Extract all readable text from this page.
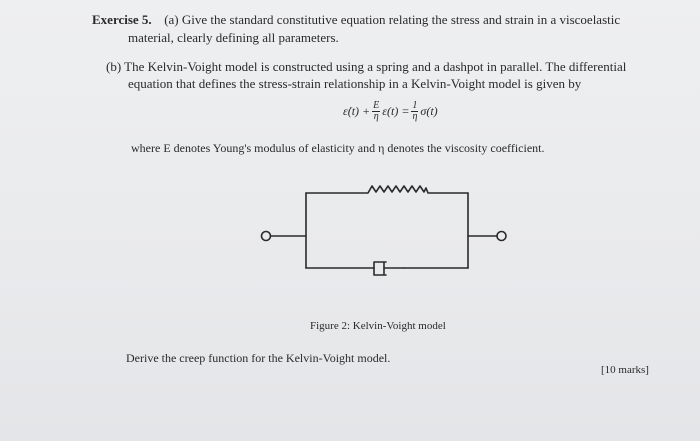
Exercise 5. (a) Give the standard constitutive equation relating the stress and strain in a viscoelastic
material, clearly defining all parameters.
(b) The Kelvin-Voight model is constructed using a spring and a dashpot in parallel. The differential
equation that defines the stress-strain relationship in a Kelvin-Voight model is given by
ε̇(t) + $\frac{E}{\eta} \varepsilon(t) = \frac{1}{\eta} \sigma(t)$
where E denotes Young's modulus of elasticity and η denotes the viscosity coefficient.
Figure 2: Kelvin-Voight model
Derive the creep function for the Kelvin-Voight model.
[10 marks]
